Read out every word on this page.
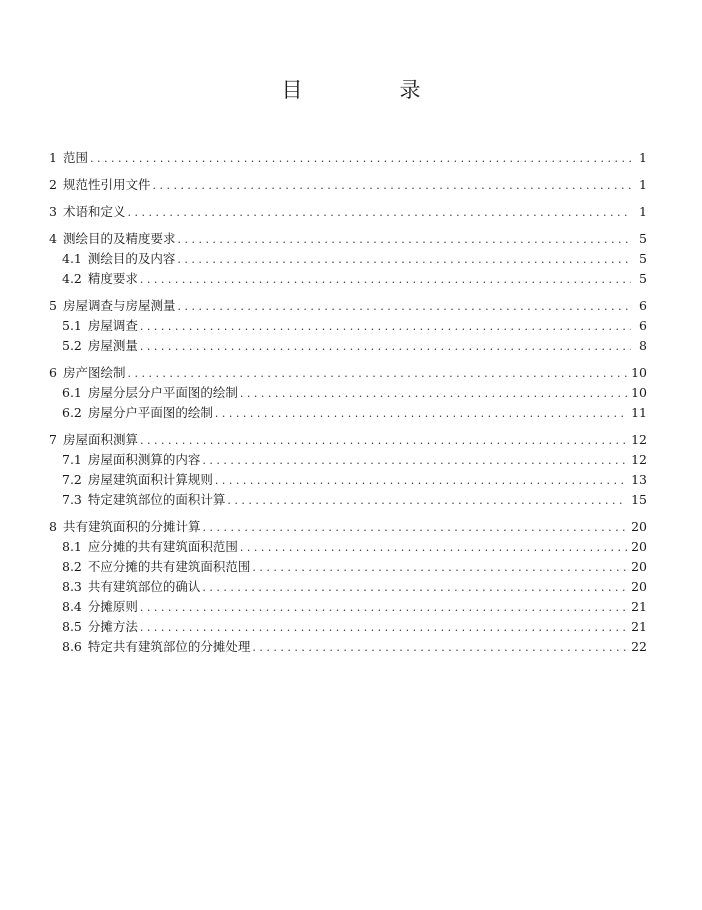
目　录
1 范围 . . .	1
2 规范性引用文件 . . .	1
3 术语和定义 . . .	1
4 测绘目的及精度要求 . . .	5
4.1 测绘目的及内容 . . .	5
4.2 精度要求 . . .	5
5 房屋调查与房屋测量 . . .	6
5.1 房屋调查 . . .	6
5.2 房屋测量 . . .	8
6 房产图绘制 . . .	10
6.1 房屋分层分户平面图的绘制 . . .	10
6.2 房屋分户平面图的绘制 . . .	11
7 房屋面积测算 . . .	12
7.1 房屋面积测算的内容 . . .	12
7.2 房屋建筑面积计算规则 . . .	13
7.3 特定建筑部位的面积计算 . . .	15
8 共有建筑面积的分摊计算 . . .	20
8.1 应分摊的共有建筑面积范围 . . .	20
8.2 不应分摊的共有建筑面积范围 . . .	20
8.3 共有建筑部位的确认 . . .	20
8.4 分摊原则 . . .	21
8.5 分摊方法 . . .	21
8.6 特定共有建筑部位的分摊处理 . . .	22
